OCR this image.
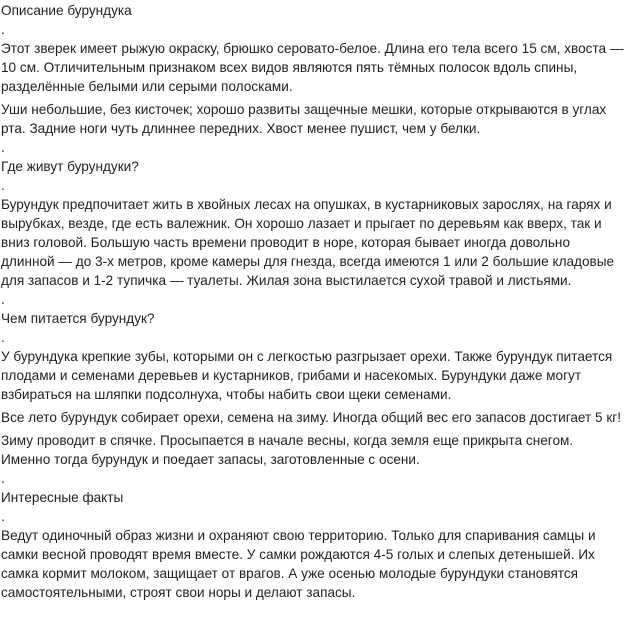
Описание бурундука
.

Этот зверек имеет рыжую окраску, брюшко серовато-белое. Длина его тела всего 15 см, хвоста — 10 см. Отличительным признаком всех видов являются пять тёмных полосок вдоль спины, разделённые белыми или серыми полосками.

Уши небольшие, без кисточек; хорошо развиты защечные мешки, которые открываются в углах рта. Задние ноги чуть длиннее передних. Хвост менее пушист, чем у белки.

.
Где живут бурундуки?
.

Бурундук предпочитает жить в хвойных лесах на опушках, в кустарниковых зарослях, на гарях и вырубках, везде, где есть валежник. Он хорошо лазает и прыгает по деревьям как вверх, так и вниз головой. Большую часть времени проводит в норе, которая бывает иногда довольно длинной — до 3-х метров, кроме камеры для гнезда, всегда имеются 1 или 2 большие кладовые для запасов и 1-2 тупичка — туалеты. Жилая зона выстилается сухой травой и листьями.

.
Чем питается бурундук?
.

У бурундука крепкие зубы, которыми он с легкостью разгрызает орехи. Также бурундук питается плодами и семенами деревьев и кустарников, грибами и насекомых. Бурундуки даже могут взбираться на шляпки подсолнуха, чтобы набить свои щеки семенами.

Все лето бурундук собирает орехи, семена на зиму. Иногда общий вес его запасов достигает 5 кг!

Зиму проводит в спячке. Просыпается в начале весны, когда земля еще прикрыта снегом. Именно тогда бурундук и поедает запасы, заготовленные с осени.

.
Интересные факты
.

Ведут одиночный образ жизни и охраняют свою территорию. Только для спаривания самцы и самки весной проводят время вместе. У самки рождаются 4-5 голых и слепых детенышей. Их самка кормит молоком, защищает от врагов. А уже осенью молодые бурундуки становятся самостоятельными, строят свои норы и делают запасы.
